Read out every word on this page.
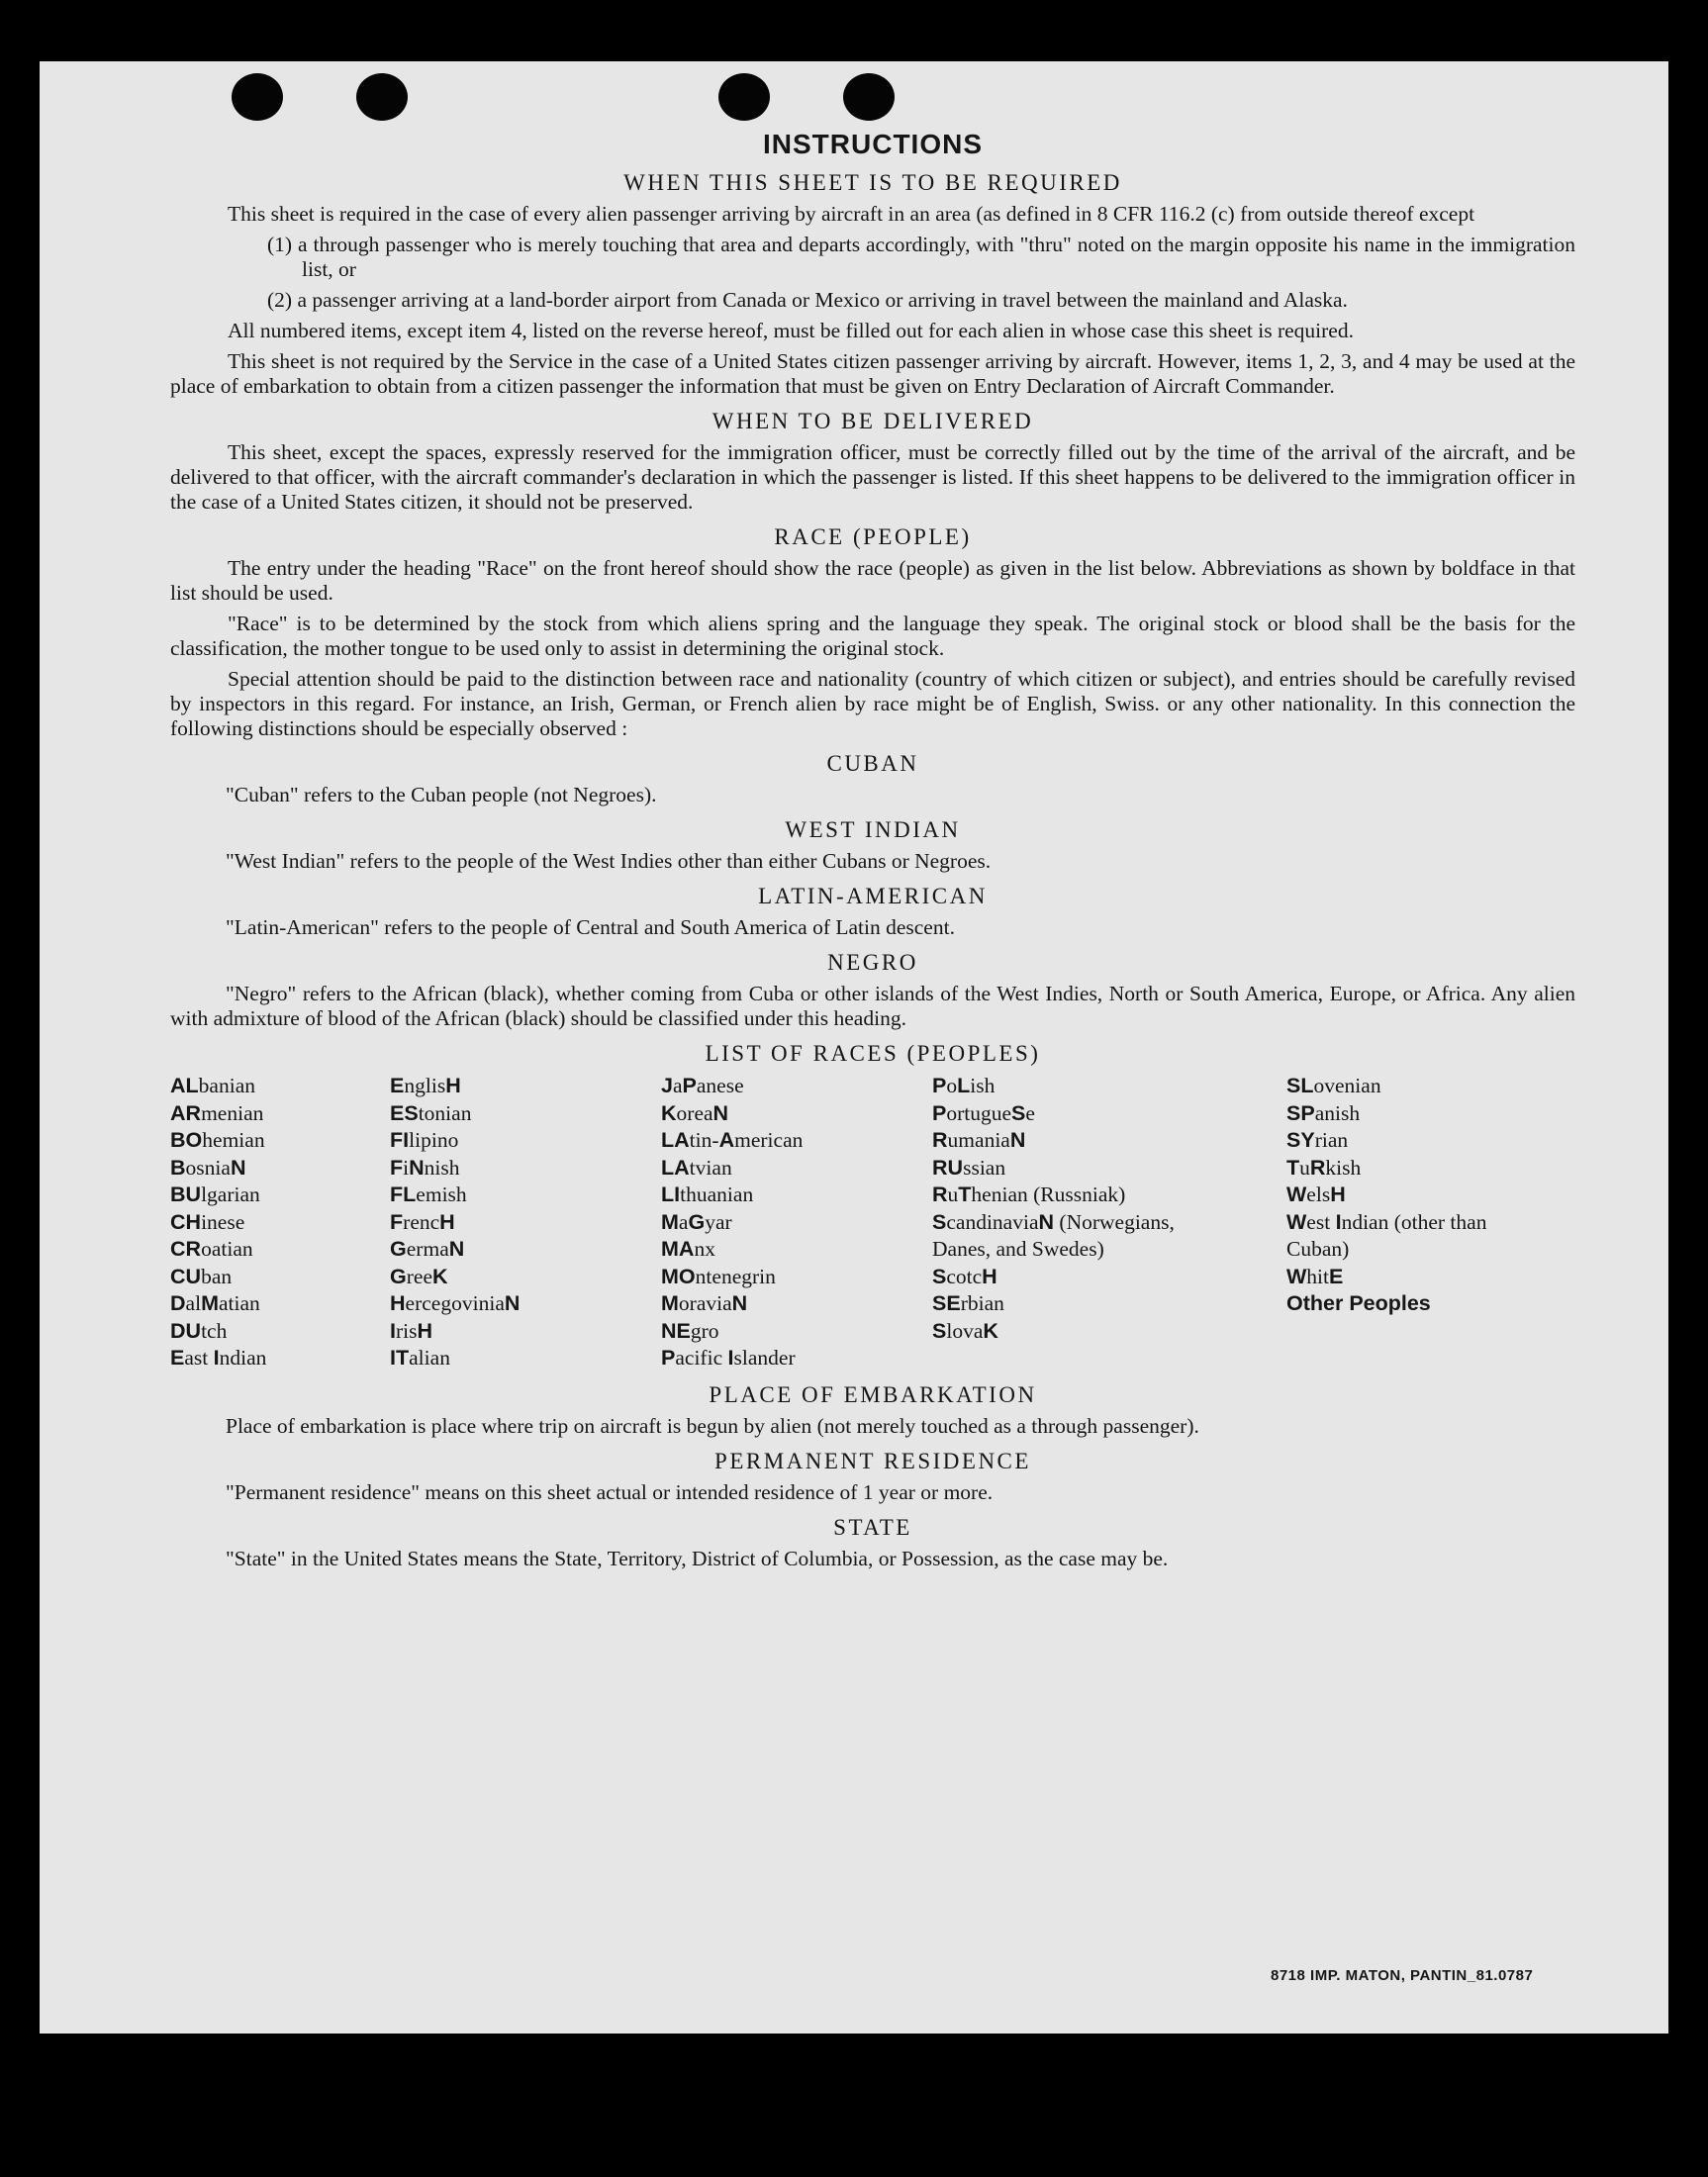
INSTRUCTIONS
WHEN THIS SHEET IS TO BE REQUIRED

This sheet is required in the case of every alien passenger arriving by aircraft in an area (as defined in 8 CFR 116.2 (c) from outside thereof except

(1) a through passenger who is merely touching that area and departs accordingly, with "thru" noted on the margin opposite his name in the immigration list, or

(2) a passenger arriving at a land-border airport from Canada or Mexico or arriving in travel between the mainland and Alaska.

All numbered items, except item 4, listed on the reverse hereof, must be filled out for each alien in whose case this sheet is required.

This sheet is not required by the Service in the case of a United States citizen passenger arriving by aircraft. However, items 1, 2, 3, and 4 may be used at the place of embarkation to obtain from a citizen passenger the information that must be given on Entry Declaration of Aircraft Commander.

WHEN TO BE DELIVERED

This sheet, except the spaces, expressly reserved for the immigration officer, must be correctly filled out by the time of the arrival of the aircraft, and be delivered to that officer, with the aircraft commander's declaration in which the passenger is listed. If this sheet happens to be delivered to the immigration officer in the case of a United States citizen, it should not be preserved.

RACE (PEOPLE)

The entry under the heading "Race" on the front hereof should show the race (people) as given in the list below. Abbreviations as shown by boldface in that list should be used.

"Race" is to be determined by the stock from which aliens spring and the language they speak. The original stock or blood shall be the basis for the classification, the mother tongue to be used only to assist in determining the original stock.

Special attention should be paid to the distinction between race and nationality (country of which citizen or subject), and entries should be carefully revised by inspectors in this regard. For instance, an Irish, German, or French alien by race might be of English, Swiss. or any other nationality. In this connection the following distinctions should be especially observed :

CUBAN

"Cuban" refers to the Cuban people (not Negroes).

WEST INDIAN

"West Indian" refers to the people of the West Indies other than either Cubans or Negroes.

LATIN-AMERICAN

"Latin-American" refers to the people of Central and South America of Latin descent.

NEGRO

"Negro" refers to the African (black), whether coming from Cuba or other islands of the West Indies, North or South America, Europe, or Africa. Any alien with admixture of blood of the African (black) should be classified under this heading.

LIST OF RACES (PEOPLES)
ALbanian
ARmenian
BOhemian
BosniaN
BUlgarian
CHinese
CRoatian
CUban
DalMatian
DUtch
East Indian
EnglisH
EStonian
FIlipino
FiNnish
FLemish
FrencH
GermaN
GreeK
HercegoviniaN
IrisH
ITalian
JaPanese
KoreaN
LAtin-American
LAtvian
LIthuanian
MaGyar
MAnx
MOntenegrin
MoraviaN
NEgro
Pacific Islander
PoLish
PortugueSe
RumaniaN
RUssian
RuThenian (Russniak)
ScandinaviaN (Norwegians, Danes, and Swedes)
ScotcH
SErbian
SlovaK
SLovenian
SPanish
SYrian
TuRkish
WelsH
West Indian (other than Cuban)
WhitE
Other Peoples
PLACE OF EMBARKATION

Place of embarkation is place where trip on aircraft is begun by alien (not merely touched as a through passenger).

PERMANENT RESIDENCE

"Permanent residence" means on this sheet actual or intended residence of 1 year or more.

STATE

"State" in the United States means the State, Territory, District of Columbia, or Possession, as the case may be.

8718 IMP. MATON, PANTIN_81.0787
